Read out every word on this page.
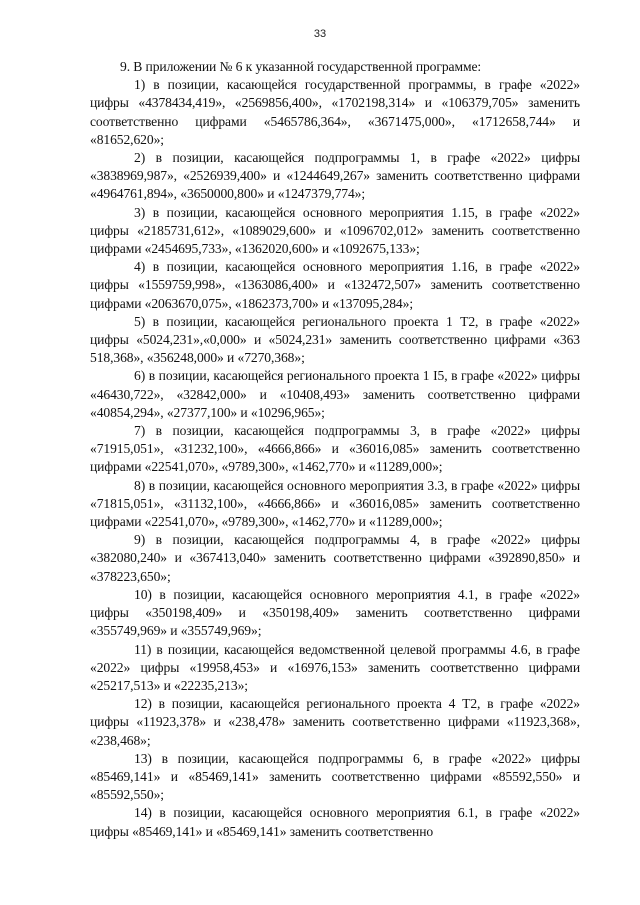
33

9. В приложении № 6 к указанной государственной программе:

1) в позиции, касающейся государственной программы, в графе «2022» цифры «4378434,419», «2569856,400», «1702198,314» и «106379,705» заменить соответственно цифрами «5465786,364», «3671475,000», «1712658,744» и «81652,620»;

2) в позиции, касающейся подпрограммы 1, в графе «2022» цифры «3838969,987», «2526939,400» и «1244649,267» заменить соответственно цифрами «4964761,894», «3650000,800» и «1247379,774»;

3) в позиции, касающейся основного мероприятия 1.15, в графе «2022» цифры «2185731,612», «1089029,600» и «1096702,012» заменить соответственно цифрами «2454695,733», «1362020,600» и «1092675,133»;

4) в позиции, касающейся основного мероприятия 1.16, в графе «2022» цифры «1559759,998», «1363086,400» и «132472,507» заменить соответственно цифрами «2063670,075», «1862373,700» и «137095,284»;

5) в позиции, касающейся регионального проекта 1 Т2, в графе «2022» цифры «5024,231»,«0,000» и «5024,231» заменить соответственно цифрами «363 518,368», «356248,000» и «7270,368»;

6) в позиции, касающейся регионального проекта 1 I5, в графе «2022» цифры «46430,722», «32842,000» и «10408,493» заменить соответственно цифрами «40854,294», «27377,100» и «10296,965»;

7) в позиции, касающейся подпрограммы 3, в графе «2022» цифры «71915,051», «31232,100», «4666,866» и «36016,085» заменить соответственно цифрами «22541,070», «9789,300», «1462,770» и «11289,000»;

8) в позиции, касающейся основного мероприятия 3.3, в графе «2022» цифры «71815,051», «31132,100», «4666,866» и «36016,085» заменить соответственно цифрами «22541,070», «9789,300», «1462,770» и «11289,000»;

9) в позиции, касающейся подпрограммы 4, в графе «2022» цифры «382080,240» и «367413,040» заменить соответственно цифрами «392890,850» и «378223,650»;

10) в позиции, касающейся основного мероприятия 4.1, в графе «2022» цифры «350198,409» и «350198,409» заменить соответственно цифрами «355749,969» и «355749,969»;

11) в позиции, касающейся ведомственной целевой программы 4.6, в графе «2022» цифры «19958,453» и «16976,153» заменить соответственно цифрами «25217,513» и «22235,213»;

12) в позиции, касающейся регионального проекта 4 Т2, в графе «2022» цифры «11923,378» и «238,478» заменить соответственно цифрами «11923,368», «238,468»;

13) в позиции, касающейся подпрограммы 6, в графе «2022» цифры «85469,141» и «85469,141» заменить соответственно цифрами «85592,550» и «85592,550»;

14) в позиции, касающейся основного мероприятия 6.1, в графе «2022» цифры «85469,141» и «85469,141» заменить соответственно
